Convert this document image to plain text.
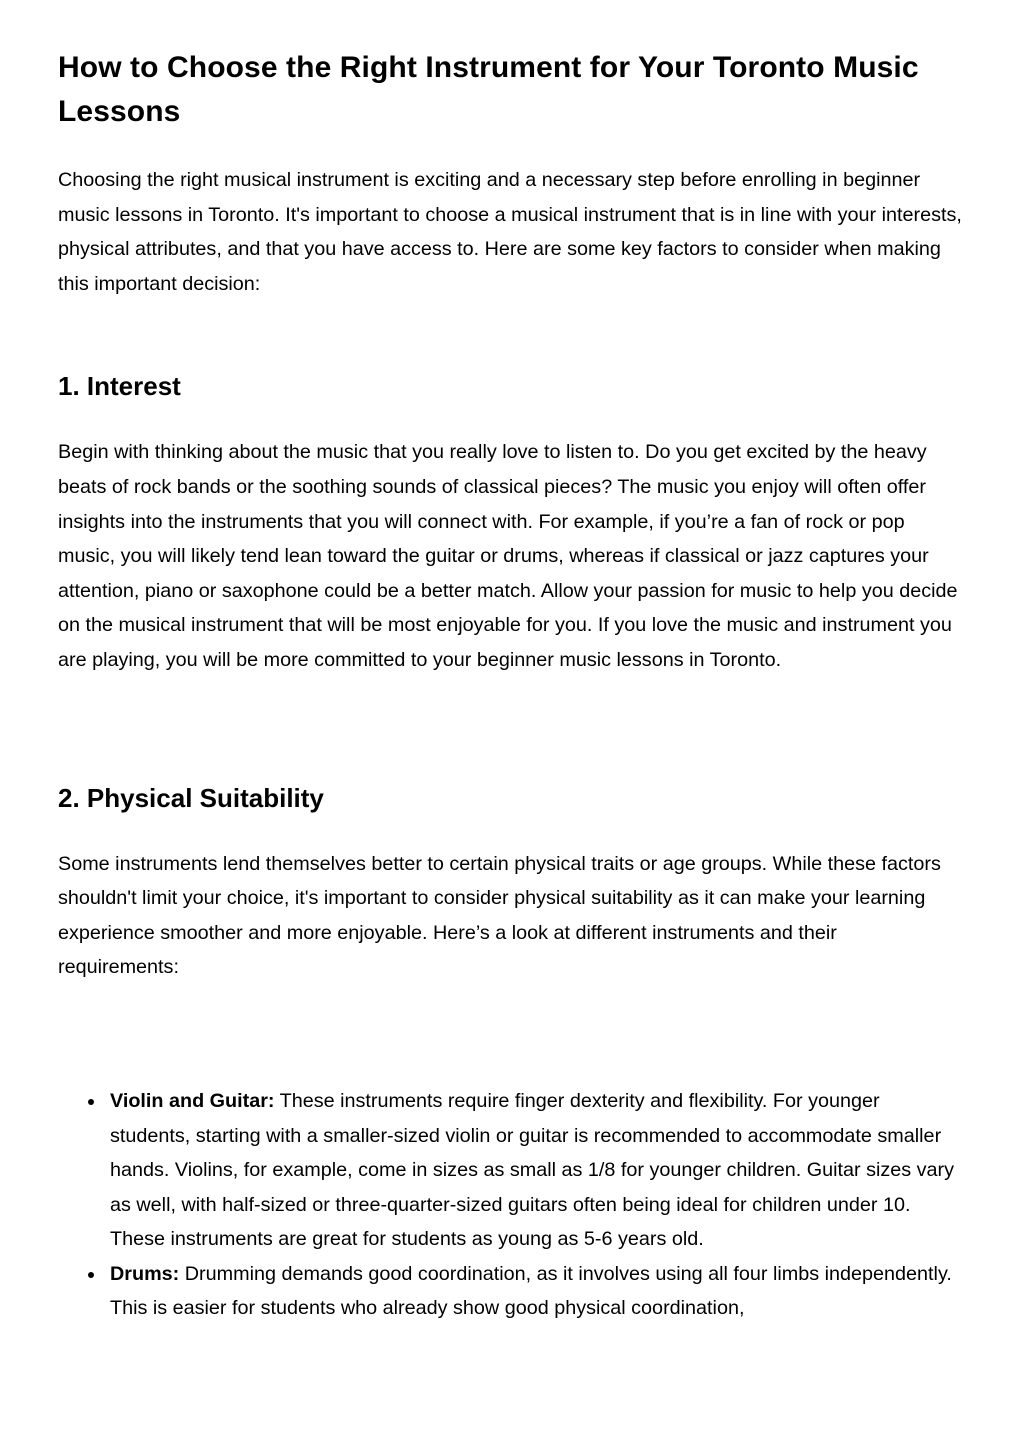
How to Choose the Right Instrument for Your Toronto Music Lessons

Choosing the right musical instrument is exciting and a necessary step before enrolling in beginner music lessons in Toronto. It's important to choose a musical instrument that is in line with your interests, physical attributes, and that you have access to. Here are some key factors to consider when making this important decision:

1. Interest

Begin with thinking about the music that you really love to listen to. Do you get excited by the heavy beats of rock bands or the soothing sounds of classical pieces? The music you enjoy will often offer insights into the instruments that you will connect with. For example, if you’re a fan of rock or pop music, you will likely tend lean toward the guitar or drums, whereas if classical or jazz captures your attention, piano or saxophone could be a better match. Allow your passion for music to help you decide on the musical instrument that will be most enjoyable for you. If you love the music and instrument you are playing, you will be more committed to your beginner music lessons in Toronto.

2. Physical Suitability

Some instruments lend themselves better to certain physical traits or age groups. While these factors shouldn't limit your choice, it's important to consider physical suitability as it can make your learning experience smoother and more enjoyable. Here’s a look at different instruments and their requirements:

Violin and Guitar: These instruments require finger dexterity and flexibility. For younger students, starting with a smaller-sized violin or guitar is recommended to accommodate smaller hands. Violins, for example, come in sizes as small as 1/8 for younger children. Guitar sizes vary as well, with half-sized or three-quarter-sized guitars often being ideal for children under 10. These instruments are great for students as young as 5-6 years old.
Drums: Drumming demands good coordination, as it involves using all four limbs independently. This is easier for students who already show good physical coordination,
